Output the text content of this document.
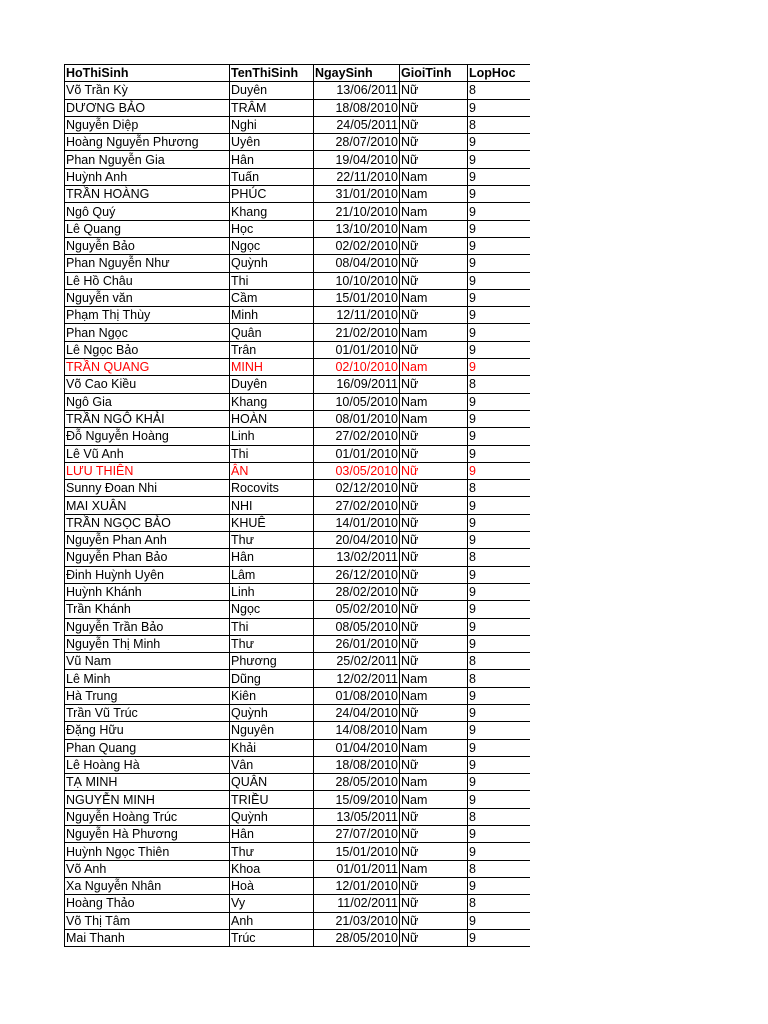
HoThiSinh	TenThiSinh	NgaySinh	GioiTinh	LopHoc
Võ Trần Kỳ	Duyên	13/06/2011	Nữ	8
DƯƠNG BẢO	TRÂM	18/08/2010	Nữ	9
Nguyễn Diệp	Nghi	24/05/2011	Nữ	8
Hoàng Nguyễn Phương	Uyên	28/07/2010	Nữ	9
Phan Nguyễn Gia	Hân	19/04/2010	Nữ	9
Huỳnh Anh	Tuấn	22/11/2010	Nam	9
TRẦN HOÀNG	PHÚC	31/01/2010	Nam	9
Ngô Quý	Khang	21/10/2010	Nam	9
Lê Quang	Học	13/10/2010	Nam	9
Nguyễn Bảo	Ngọc	02/02/2010	Nữ	9
Phan Nguyễn Như	Quỳnh	08/04/2010	Nữ	9
Lê Hồ Châu	Thi	10/10/2010	Nữ	9
Nguyễn văn	Cầm	15/01/2010	Nam	9
Phạm Thị Thùy	Minh	12/11/2010	Nữ	9
Phan Ngọc	Quân	21/02/2010	Nam	9
Lê Ngọc Bảo	Trân	01/01/2010	Nữ	9
TRẦN QUANG	MINH	02/10/2010	Nam	9
Võ Cao Kiều	Duyên	16/09/2011	Nữ	8
Ngô Gia	Khang	10/05/2010	Nam	9
TRẦN NGÔ KHẢI	HOÀN	08/01/2010	Nam	9
Đỗ Nguyễn Hoàng	Linh	27/02/2010	Nữ	9
Lê Vũ Anh	Thi	01/01/2010	Nữ	9
LƯU THIÊN	ÂN	03/05/2010	Nữ	9
Sunny Đoan Nhi	Rocovits	02/12/2010	Nữ	8
MAI XUÂN	NHI	27/02/2010	Nữ	9
TRẦN NGỌC BẢO	KHUÊ	14/01/2010	Nữ	9
Nguyễn Phan Anh	Thư	20/04/2010	Nữ	9
Nguyễn Phan Bảo	Hân	13/02/2011	Nữ	8
Đinh Huỳnh Uyên	Lâm	26/12/2010	Nữ	9
Huỳnh Khánh	Linh	28/02/2010	Nữ	9
Trần Khánh	Ngọc	05/02/2010	Nữ	9
Nguyễn Trần Bảo	Thi	08/05/2010	Nữ	9
Nguyễn Thị Minh	Thư	26/01/2010	Nữ	9
Vũ Nam	Phương	25/02/2011	Nữ	8
Lê Minh	Dũng	12/02/2011	Nam	8
Hà Trung	Kiên	01/08/2010	Nam	9
Trần Vũ Trúc	Quỳnh	24/04/2010	Nữ	9
Đặng Hữu	Nguyên	14/08/2010	Nam	9
Phan Quang	Khải	01/04/2010	Nam	9
Lê Hoàng Hà	Vân	18/08/2010	Nữ	9
TẠ MINH	QUÂN	28/05/2010	Nam	9
NGUYỄN MINH	TRIỀU	15/09/2010	Nam	9
Nguyễn Hoàng Trúc	Quỳnh	13/05/2011	Nữ	8
Nguyễn Hà Phương	Hân	27/07/2010	Nữ	9
Huỳnh Ngọc Thiên	Thư	15/01/2010	Nữ	9
Võ Anh	Khoa	01/01/2011	Nam	8
Xa Nguyễn Nhân	Hoà	12/01/2010	Nữ	9
Hoàng Thảo	Vy	11/02/2011	Nữ	8
Võ Thị Tâm	Anh	21/03/2010	Nữ	9
Mai Thanh	Trúc	28/05/2010	Nữ	9
